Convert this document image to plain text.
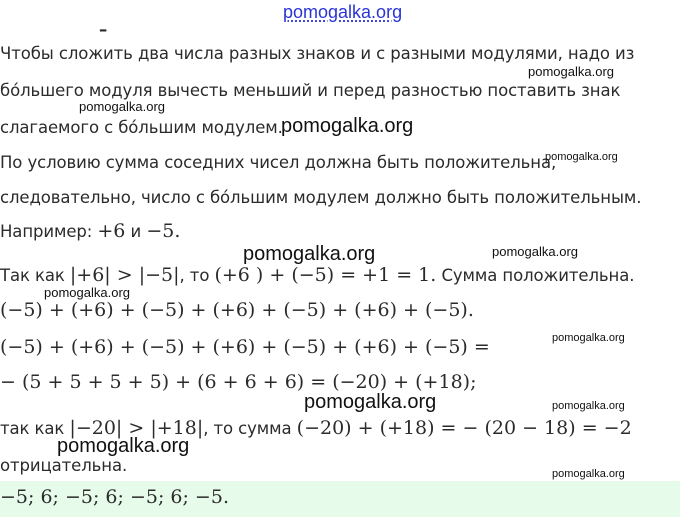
pomogalka.org
–
Чтобы сложить два числа разных знаков и с разными модулями, надо из
pomogalka.org
бо́льшего модуля вычесть меньший и перед разностью поставить знак
pomogalka.org
слагаемого с бо́льшим модулем.
pomogalka.org
По условию сумма соседних чисел должна быть положительна,
pomogalka.org
следовательно, число с бо́льшим модулем должно быть положительным.
Например: +6 и −5.
pomogalka.org	pomogalka.org
Так как |+6| > |−5|, то (+6 ) + (−5) = +1 = 1. Сумма положительна.
pomogalka.org
(−5) + (+6) + (−5) + (+6) + (−5) + (+6) + (−5).
pomogalka.org
(−5) + (+6) + (−5) + (+6) + (−5) + (+6) + (−5) =
− (5 + 5 + 5 + 5) + (6 + 6 + 6) = (−20) + (+18);
pomogalka.org	pomogalka.org
так как |−20| > |+18|, то сумма (−20) + (+18) = − (20 − 18) = −2
pomogalka.org
отрицательна.	pomogalka.org
−5; 6; −5; 6; −5; 6; −5.
